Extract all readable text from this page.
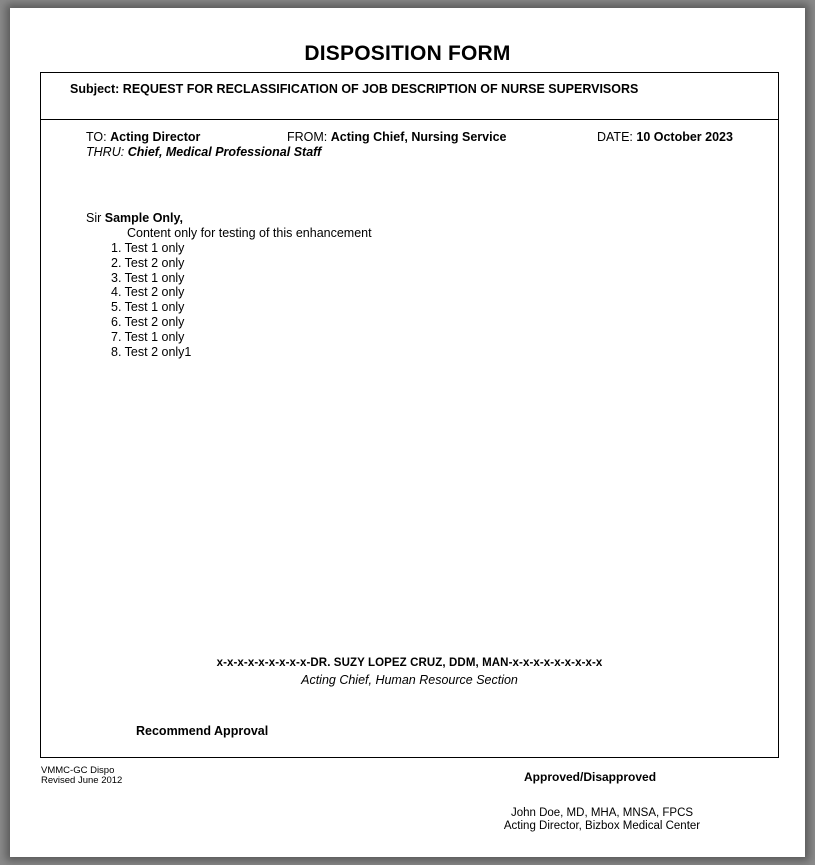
DISPOSITION FORM
Subject: REQUEST FOR RECLASSIFICATION OF JOB DESCRIPTION OF NURSE SUPERVISORS
TO: Acting Director	FROM: Acting Chief, Nursing Service	DATE: 10 October 2023
THRU: Chief, Medical Professional Staff
Sir Sample Only,
Content only for testing of this enhancement
1. Test 1 only
2. Test 2 only
3. Test 1 only
4. Test 2 only
5. Test 1 only
6. Test 2 only
7. Test 1 only
8. Test 2 only1
x-x-x-x-x-x-x-x-x-DR. SUZY LOPEZ CRUZ, DDM, MAN-x-x-x-x-x-x-x-x-x
Acting Chief, Human Resource Section
Recommend Approval
VMMC-GC Dispo
Revised June 2012	Approved/Disapproved
John Doe, MD, MHA, MNSA, FPCS
Acting Director, Bizbox Medical Center
